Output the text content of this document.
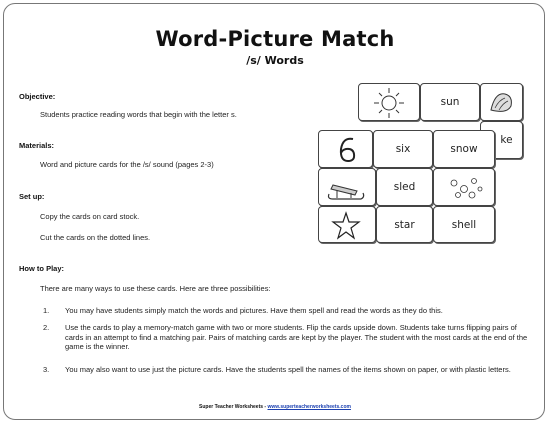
Word-Picture Match
/s/ Words
Objective:
Students practice reading words that begin with the letter s.
Materials:
Word and picture cards for the /s/ sound (pages 2-3)
Set up:
Copy the cards on card stock.
Cut the cards on the dotted lines.
How to Play:
There are many ways to use these cards. Here are three possibilities:
1. You may have students simply match the words and pictures. Have them spell and read the words as they do this.
2. Use the cards to play a memory-match game with two or more students. Flip the cards upside down. Students take turns flipping pairs of cards in an attempt to find a matching pair. Pairs of matching cards are kept by the player. The student with the most cards at the end of the game is the winner.
3. You may also want to use just the picture cards. Have the students spell the names of the items shown on paper, or with plastic letters.
sun
ke
six	snow
sled
star	shell
Super Teacher Worksheets - www.superteacherworksheets.com
